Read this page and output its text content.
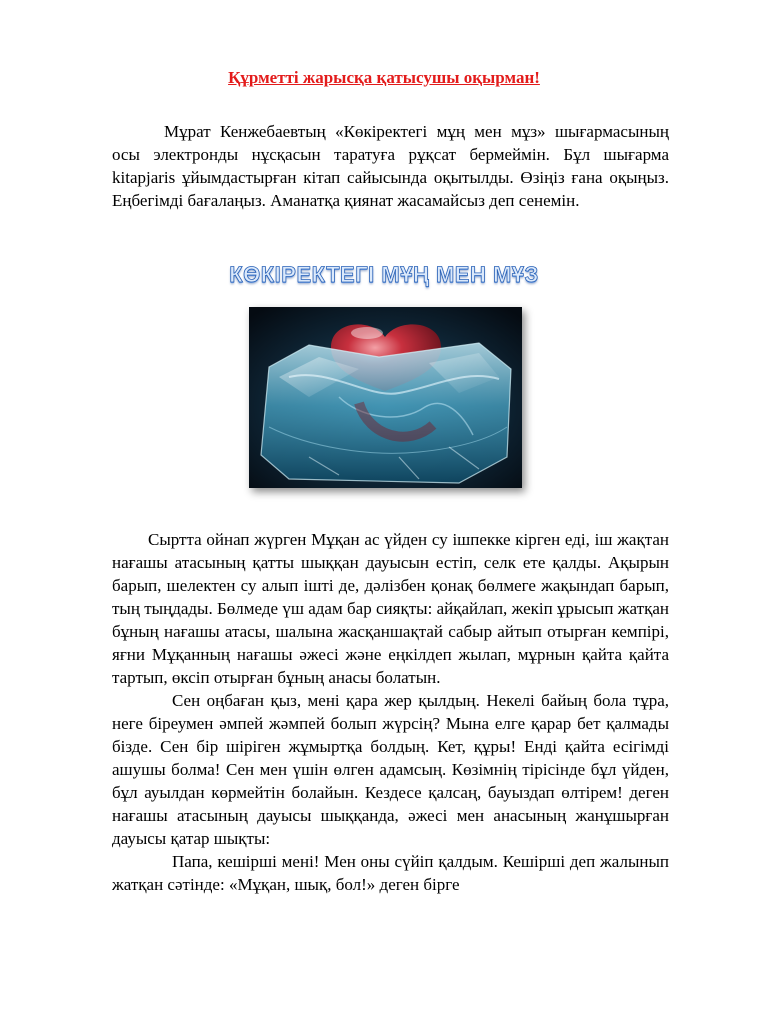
Құрметті жарысқа қатысушы оқырман!

Мұрат Кенжебаевтың «Көкіректегі мұң мен мұз» шығармасының осы электронды нұсқасын таратуға рұқсат бермеймін. Бұл шығарма kitapjaris ұйымдастырған кітап сайысында оқытылды. Өзіңіз ғана оқыңыз. Еңбегімді бағалаңыз. Аманатқа қиянат жасамайсыз деп сенемін.

КӨКІРЕКТЕГІ МҰҢ МЕН МҰЗ

Сыртта ойнап жүрген Мұқан ас үйден су ішпекке кірген еді, іш жақтан нағашы атасының қатты шыққан дауысын естіп, селк ете қалды. Ақырын барып, шелектен су алып ішті де, дәлізбен қонақ бөлмеге жақындап барып, тың тыңдады. Бөлмеде үш адам бар сияқты: айқайлап, жекіп ұрысып жатқан бұның нағашы атасы, шалына жасқаншақтай сабыр айтып отырған кемпірі, яғни Мұқанның нағашы әжесі және еңкілдеп жылап, мұрнын қайта қайта тартып, өксіп отырған бұның анасы болатын.

Сен оңбаған қыз, мені қара жер қылдың. Некелі байың бола тұра, неге біреумен әмпей жәмпей болып жүрсің? Мына елге қарар бет қалмады бізде. Сен бір шіріген жұмыртқа болдың. Кет, құры! Енді қайта есігімді ашушы болма! Сен мен үшін өлген адамсың. Көзімнің тірісінде бұл үйден, бұл ауылдан көрмейтін болайын. Кездесе қалсаң, бауыздап өлтірем! деген нағашы атасының дауысы шыққанда, әжесі мен анасының жанұшырған дауысы қатар шықты:

Папа, кешірші мені! Мен оны сүйіп қалдым. Кешірші деп жалынып жатқан сәтінде: «Мұқан, шық, бол!» деген бірге
